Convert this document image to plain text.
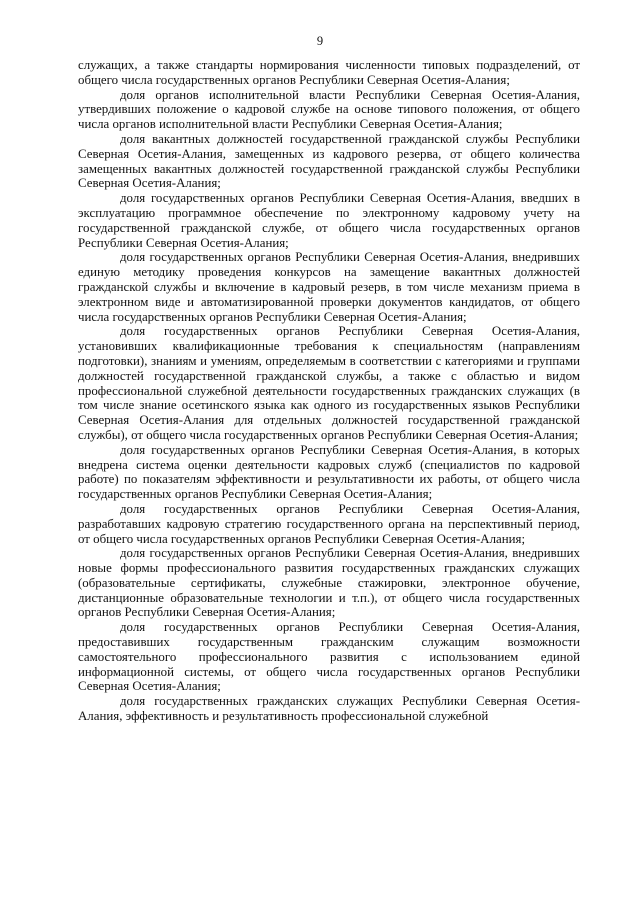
9

служащих, а также стандарты нормирования численности типовых подразделений, от общего числа государственных органов Республики Северная Осетия-Алания;

доля органов исполнительной власти Республики Северная Осетия-Алания, утвердивших положение о кадровой службе на основе типового положения, от общего числа органов исполнительной власти Республики Северная Осетия-Алания;

доля вакантных должностей государственной гражданской службы Республики Северная Осетия-Алания, замещенных из кадрового резерва, от общего количества замещенных вакантных должностей государственной гражданской службы Республики Северная Осетия-Алания;

доля государственных органов Республики Северная Осетия-Алания, введших в эксплуатацию программное обеспечение по электронному кадровому учету на государственной гражданской службе, от общего числа государственных органов Республики Северная Осетия-Алания;

доля государственных органов Республики Северная Осетия-Алания, внедривших единую методику проведения конкурсов на замещение вакантных должностей гражданской службы и включение в кадровый резерв, в том числе механизм приема в электронном виде и автоматизированной проверки документов кандидатов, от общего числа государственных органов Республики Северная Осетия-Алания;

доля государственных органов Республики Северная Осетия-Алания, установивших квалификационные требования к специальностям (направлениям подготовки), знаниям и умениям, определяемым в соответствии с категориями и группами должностей государственной гражданской службы, а также с областью и видом профессиональной служебной деятельности государственных гражданских служащих (в том числе знание осетинского языка как одного из государственных языков Республики Северная Осетия-Алания для отдельных должностей государственной гражданской службы), от общего числа государственных органов Республики Северная Осетия-Алания;

доля государственных органов Республики Северная Осетия-Алания, в которых внедрена система оценки деятельности кадровых служб (специалистов по кадровой работе) по показателям эффективности и результативности их работы, от общего числа государственных органов Республики Северная Осетия-Алания;

доля государственных органов Республики Северная Осетия-Алания, разработавших кадровую стратегию государственного органа на перспективный период, от общего числа государственных органов Республики Северная Осетия-Алания;

доля государственных органов Республики Северная Осетия-Алания, внедривших новые формы профессионального развития государственных гражданских служащих (образовательные сертификаты, служебные стажировки, электронное обучение, дистанционные образовательные технологии и т.п.), от общего числа государственных органов Республики Северная Осетия-Алания;

доля государственных органов Республики Северная Осетия-Алания, предоставивших государственным гражданским служащим возможности самостоятельного профессионального развития с использованием единой информационной системы, от общего числа государственных органов Республики Северная Осетия-Алания;

доля государственных гражданских служащих Республики Северная Осетия-Алания, эффективность и результативность профессиональной служебной
